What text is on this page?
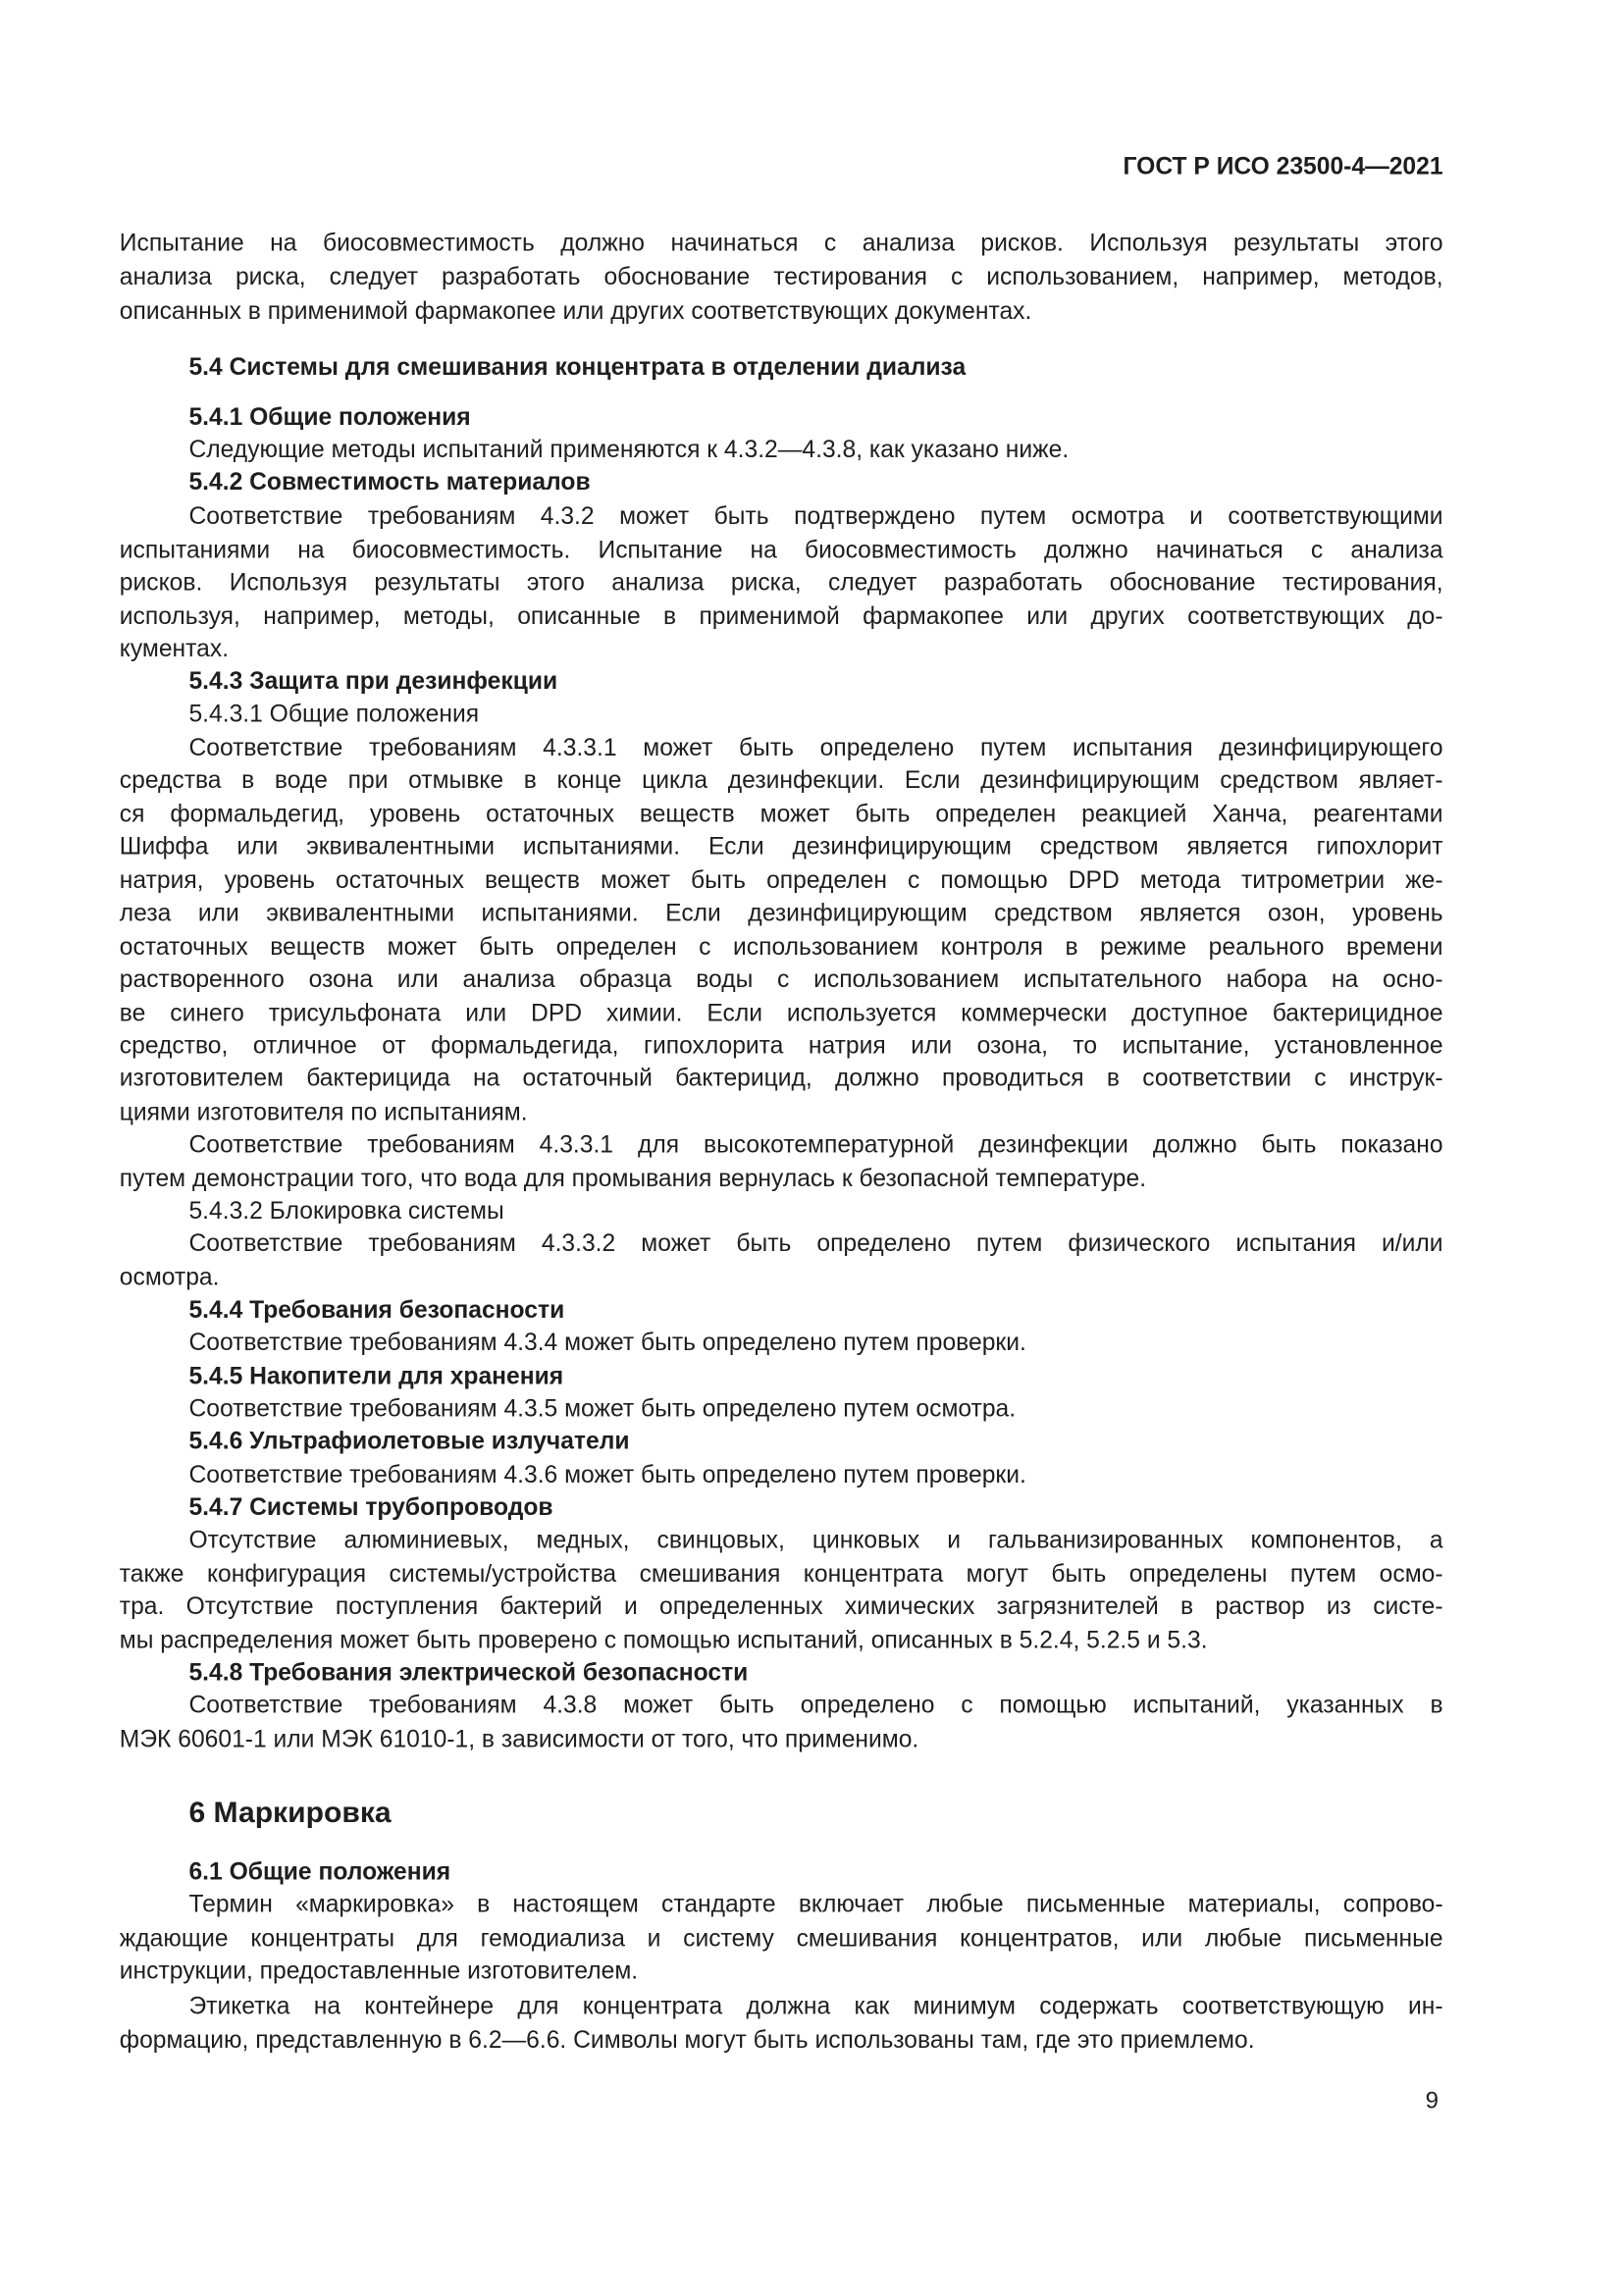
ГОСТ Р ИСО 23500-4—2021

Испытание на биосовместимость должно начинаться с анализа рисков. Используя результаты этого

анализа риска, следует разработать обоснование тестирования с использованием, например, методов,

описанных в применимой фармакопее или других соответствующих документах.

5.4 Системы для смешивания концентрата в отделении диализа

5.4.1 Общие положения

Следующие методы испытаний применяются к 4.3.2—4.3.8, как указано ниже.

5.4.2 Совместимость материалов

Соответствие требованиям 4.3.2 может быть подтверждено путем осмотра и соответствующими

испытаниями на биосовместимость. Испытание на биосовместимость должно начинаться с анализа

рисков. Используя результаты этого анализа риска, следует разработать обоснование тестирования,

используя, например, методы, описанные в применимой фармакопее или других соответствующих до-

кументах.

5.4.3 Защита при дезинфекции

5.4.3.1 Общие положения

Соответствие требованиям 4.3.3.1 может быть определено путем испытания дезинфицирующего

средства в воде при отмывке в конце цикла дезинфекции. Если дезинфицирующим средством являет-

ся формальдегид, уровень остаточных веществ может быть определен реакцией Ханча, реагентами

Шиффа или эквивалентными испытаниями. Если дезинфицирующим средством является гипохлорит

натрия, уровень остаточных веществ может быть определен с помощью DPD метода титрометрии же-

леза или эквивалентными испытаниями. Если дезинфицирующим средством является озон, уровень

остаточных веществ может быть определен с использованием контроля в режиме реального времени

растворенного озона или анализа образца воды с использованием испытательного набора на осно-

ве синего трисульфоната или DPD химии. Если используется коммерчески доступное бактерицидное

средство, отличное от формальдегида, гипохлорита натрия или озона, то испытание, установленное

изготовителем бактерицида на остаточный бактерицид, должно проводиться в соответствии с инструк-

циями изготовителя по испытаниям.

Соответствие требованиям 4.3.3.1 для высокотемпературной дезинфекции должно быть показано

путем демонстрации того, что вода для промывания вернулась к безопасной температуре.

5.4.3.2 Блокировка системы

Соответствие требованиям 4.3.3.2 может быть определено путем физического испытания и/или

осмотра.

5.4.4 Требования безопасности

Соответствие требованиям 4.3.4 может быть определено путем проверки.

5.4.5 Накопители для хранения

Соответствие требованиям 4.3.5 может быть определено путем осмотра.

5.4.6 Ультрафиолетовые излучатели

Соответствие требованиям 4.3.6 может быть определено путем проверки.

5.4.7 Системы трубопроводов

Отсутствие алюминиевых, медных, свинцовых, цинковых и гальванизированных компонентов, а

также конфигурация системы/устройства смешивания концентрата могут быть определены путем осмо-

тра. Отсутствие поступления бактерий и определенных химических загрязнителей в раствор из систе-

мы распределения может быть проверено с помощью испытаний, описанных в 5.2.4, 5.2.5 и 5.3.

5.4.8 Требования электрической безопасности

Соответствие требованиям 4.3.8 может быть определено с помощью испытаний, указанных в

МЭК 60601-1 или МЭК 61010-1, в зависимости от того, что применимо.

6 Маркировка

6.1 Общие положения

Термин «маркировка» в настоящем стандарте включает любые письменные материалы, сопрово-

ждающие концентраты для гемодиализа и систему смешивания концентратов, или любые письменные

инструкции, предоставленные изготовителем.

Этикетка на контейнере для концентрата должна как минимум содержать соответствующую ин-

формацию, представленную в 6.2—6.6. Символы могут быть использованы там, где это приемлемо.

9
